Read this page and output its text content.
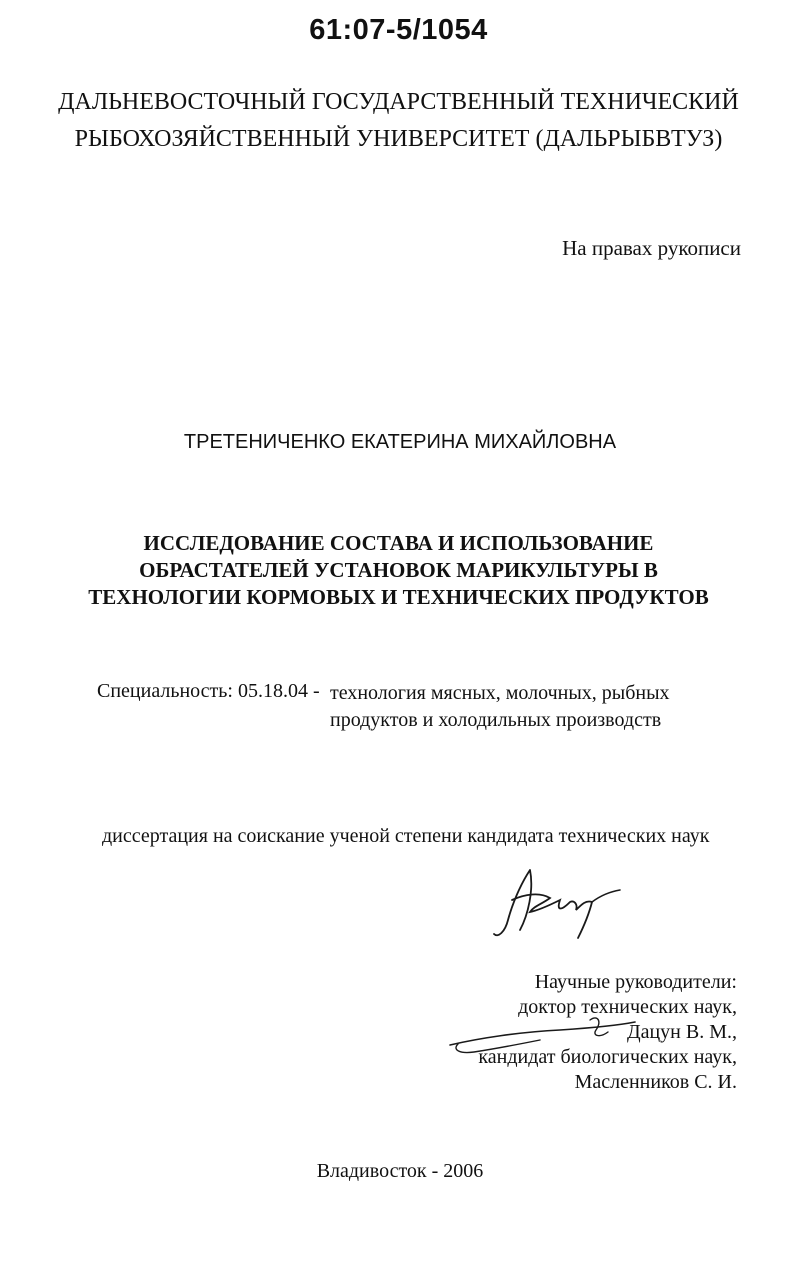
61:07-5/1054
ДАЛЬНЕВОСТОЧНЫЙ ГОСУДАРСТВЕННЫЙ ТЕХНИЧЕСКИЙ
РЫБОХОЗЯЙСТВЕННЫЙ УНИВЕРСИТЕТ (ДАЛЬРЫБВТУЗ)
На правах рукописи
ТРЕТЕНИЧЕНКО ЕКАТЕРИНА МИХАЙЛОВНА
ИССЛЕДОВАНИЕ СОСТАВА И ИСПОЛЬЗОВАНИЕ
ОБРАСТАТЕЛЕЙ УСТАНОВОК МАРИКУЛЬТУРЫ В
ТЕХНОЛОГИИ КОРМОВЫХ И ТЕХНИЧЕСКИХ ПРОДУКТОВ
Специальность: 05.18.04 - технология мясных, молочных, рыбных
продуктов и холодильных производств
диссертация на соискание ученой степени кандидата технических наук
Научные руководители:
доктор технических наук,
Дацун В. М.,
кандидат биологических наук,
Масленников С. И.
Владивосток - 2006
